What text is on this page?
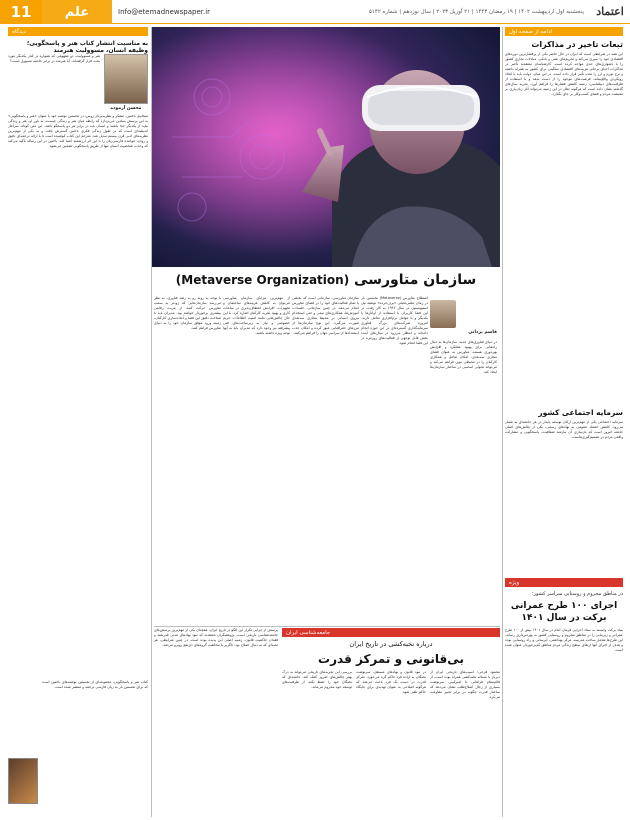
11	علم	Info@etemadnewspaper.ir	پنجشنبه اول اردیبهشت ۱۴۰۲ | ۱۹ رمضان ۱۴۴۴ | ۲۱ آوریل ۲۰۲۳ | سال نوزدهم | شماره ۵۱۴۲	اعتماد
ادامه از صفحه اول
تبعات تاخیر در مذاکرات
این همه در شرایطی است که ایران در حال حاضر یکی از پرفشارترین دوره‌های اقتصادی خود را سپری می‌کند و تحریم‌های نفتی و بانکی، مبادلات تجاری کشور را با دشواری‌های جدی مواجه کرده است. کارشناسان معتقدند تأخیر در مذاکرات احیای برجام، هزینه‌های اقتصادی سنگینی برای کشور به همراه داشته و نرخ تورم و ارز را تحت تأثیر قرار داده است. در این میان، دولت باید با اتخاذ رویکردی واقع‌بینانه، فرصت‌های موجود را از دست ندهد و با استفاده از ظرفیت‌های دیپلماسی، زمینه کاهش فشارها را فراهم آورد. تجربه سال‌های گذشته نشان داده است که هرگونه تعلل در این زمینه می‌تواند آثار زیان‌باری بر معیشت مردم و فضای کسب‌وکار بر جای بگذارد.
سرمایه اجتماعی کشور
سرمایه اجتماعی یکی از مهم‌ترین ارکان توسعه پایدار در هر جامعه‌ای به شمار می‌رود. کاهش اعتماد عمومی به نهادهای رسمی، یکی از چالش‌های اصلی جامعه امروز است که بازسازی آن نیازمند شفافیت، پاسخگویی و مشارکت واقعی مردم در تصمیم‌گیری‌هاست.
سازمان متاورسی (Metaverse Organization)
قاسم یزدانی
در دنیای فناوری‌های جدید، سازمان‌ها به دنبال راه‌هایی برای بهبود عملکرد و افزایش بهره‌وری هستند. متاورس به عنوان فضای مجازی سه‌بعدی، امکان تعامل و همکاری کارکنان را در محیطی نوین فراهم می‌کند و می‌تواند تحولی اساسی در ساختار سازمان‌ها ایجاد کند.
اصطلاح متاورس (Metaverse) نخستین بار در رمان علمی‌تخیلی «برف‌خرده» نوشته نیل استیونسون در سال ۱۹۹۲ به کار رفت. در این فضا کاربران با استفاده از آواتارها با یکدیگر و با عوامل نرم‌افزاری تعامل دارند. امروزه شرکت‌های بزرگ فناوری سرمایه‌گذاری گسترده‌ای در این حوزه انجام داده‌اند و انتظار می‌رود در سال‌های آینده بخش قابل توجهی از فعالیت‌های روزمره در این فضا انجام شود.
سازمان متاورسی، سازمانی است که بخشی یا تمام فعالیت‌های خود را در فضای متاورس انجام می‌دهد. در چنین سازمانی، جلسات، آموزش‌ها، همکاری‌های تیمی و حتی استخدام نیروی انسانی در محیط مجازی سه‌بعدی صورت می‌گیرد. این نوع سازمان‌ها از مرزهای جغرافیایی عبور کرده و امکان جذب استعدادها از سراسر جهان را فراهم می‌کنند.
از مهم‌ترین مزایای سازمان متاورسی می‌توان به کاهش هزینه‌های ساختمان و تجهیزات، افزایش انعطاف‌پذیری در ساعات کاری و بهبود تجربه کارکنان اشاره کرد. با این حال چالش‌هایی مانند امنیت اطلاعات، حریم خصوصی و نیاز به زیرساخت‌های فنی پیشرفته نیز وجود دارد که مدیران باید به آنها توجه ویژه داشته باشند.
با توجه به روند رو به رشد فناوری، به نظر می‌رسد سازمان‌هایی که زودتر به سمت متاورس حرکت کنند، از مزیت رقابتی بیشتری برخوردار خواهند بود. مدیران باید با شناخت دقیق این فضا و آماده‌سازی کارکنان، زمینه ورود موفق سازمان خود را به دنیای متاورس فراهم کنند.
دیدگاه
به مناسبت انتشار کتاب هنر و پاسخگویی؛ وظیفه انسان، مسوولیت هنرمند
محسن آزموده
هنر و مسوولیت، دو مفهومی که همواره در کنار یکدیگر مورد بحث قرار گرفته‌اند. آیا هنرمند در برابر جامعه مسوول است؟
میخاییل باختین، متفکر و نظریه‌پرداز روس، در نخستین نوشته خود با عنوان «هنر و پاسخگویی» به این پرسش بنیادین می‌پردازد که رابطه میان هنر و زندگی چیست. به باور او، هنر و زندگی نباید از یکدیگر جدا باشند و انسان باید در برابر هر دو پاسخگو باشد. این متن کوتاه، سرآغاز اندیشه‌ای است که در طول زندگی فکری باختین گسترش یافت و به یکی از مهم‌ترین نظریه‌های ادبی قرن بیستم تبدیل شد. مترجم این کتاب کوشیده است تا با ارائه ترجمه‌ای دقیق و روان، خواننده فارسی‌زبان را با این اثر ارزشمند آشنا کند. باختین در این رساله تأکید می‌کند که وحدت شخصیت انسان تنها از طریق پاسخگویی تضمین می‌شود.
کتاب هنر و پاسخگویی، مجموعه‌ای از نخستین نوشته‌های باختین است که برای نخستین بار به زبان فارسی ترجمه و منتشر شده است.
جامعه‌شناسی ایران
درباره نخبه‌کشی در تاریخ ایران
بی‌قانونی و تمرکز قدرت
محمود فرجی: آسیب‌های تاریخی ایران از دیرباز با مساله نخبه‌کشی همراه بوده است. از قائم‌مقام فراهانی تا امیرکبیر، سرنوشت بسیاری از رجال اصلاح‌طلب نشان می‌دهد که ساختار قدرت چگونه در برابر تغییر مقاومت می‌کرد.
در نبود قانون و نهادهای مستقل، سرنوشت نخبگان به اراده فرد حاکم گره می‌خورد. تمرکز قدرت در دست یک فرد باعث می‌شد که هرگونه اصلاحی به عنوان تهدیدی برای جایگاه حاکم تلقی شود.
بررسی این تجربه‌های تاریخی می‌تواند به درک بهتر چالش‌های امروز کمک کند. جامعه‌ای که نخبگان خود را حفظ نکند، از ظرفیت‌های توسعه خود محروم می‌ماند.
پرسش از چرایی تکرار این الگو در تاریخ ایران، همچنان یکی از مهم‌ترین پرسش‌های جامعه‌شناسی تاریخی است. پژوهشگران معتقدند که نبود نهادهای مدنی قدرتمند و فقدان حاکمیت قانون، زمینه اصلی این پدیده بوده است. در چنین شرایطی، هر نخبه‌ای که به دنبال اصلاح بود، ناگزیر با مخالفت گروه‌های ذی‌نفع روبرو می‌شد.
ویژه
در مناطق محروم و روستایی سراسر کشور؛
اجرای ۱۰۰ طرح عمرانی برکت در سال ۱۴۰۱
بنیاد برکت وابسته به ستاد اجرایی فرمان امام در سال ۱۴۰۱ بیش از ۱۰۰ طرح عمرانی و زیربنایی را در مناطق محروم و روستایی کشور به بهره‌برداری رساند. این طرح‌ها شامل ساخت مدرسه، مرکز بهداشتی، آبرسانی و راه روستایی بوده و هدف از اجرای آنها ارتقای سطح زندگی مردم مناطق کم‌برخوردار عنوان شده است.
